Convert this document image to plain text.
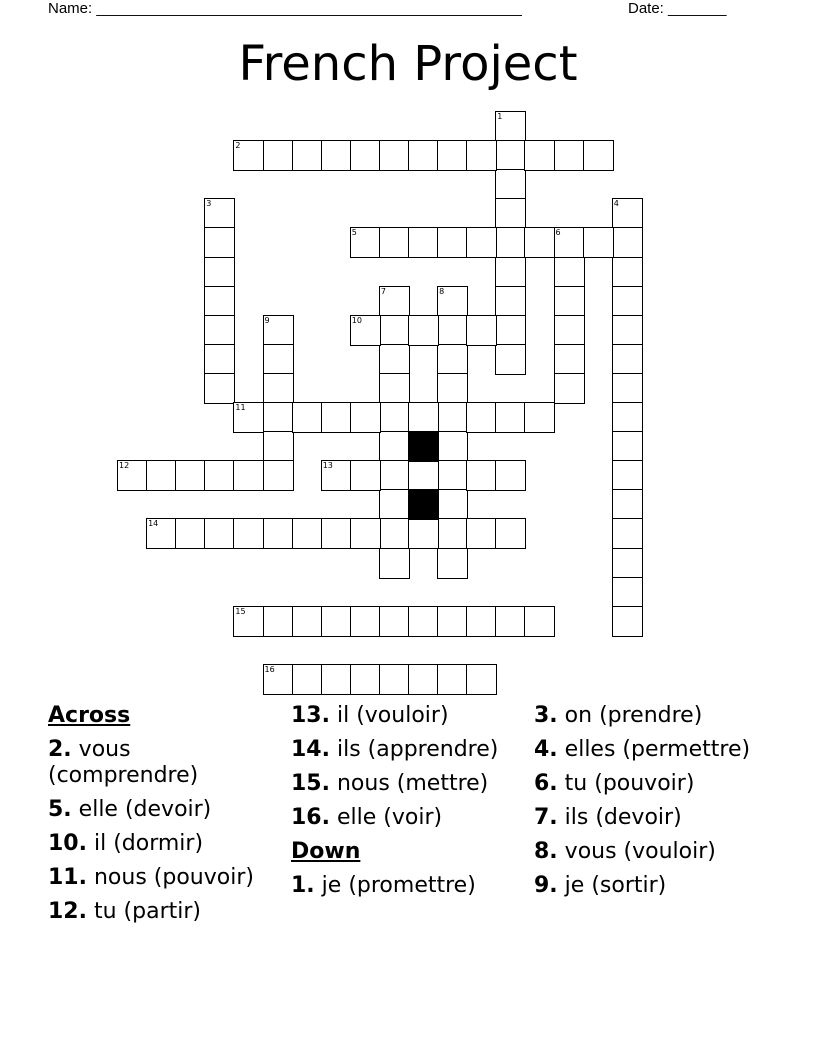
Name: ___________________________________________________	Date: _______
French Project
1
2
3	4
5	6
7	8
9	10
11
12	13
14
15
16
Across
2. vous (comprendre)
5. elle (devoir)
10. il (dormir)
11. nous (pouvoir)
12. tu (partir)
13. il (vouloir)
14. ils (apprendre)
15. nous (mettre)
16. elle (voir)
Down
1. je (promettre)
3. on (prendre)
4. elles (permettre)
6. tu (pouvoir)
7. ils (devoir)
8. vous (vouloir)
9. je (sortir)
